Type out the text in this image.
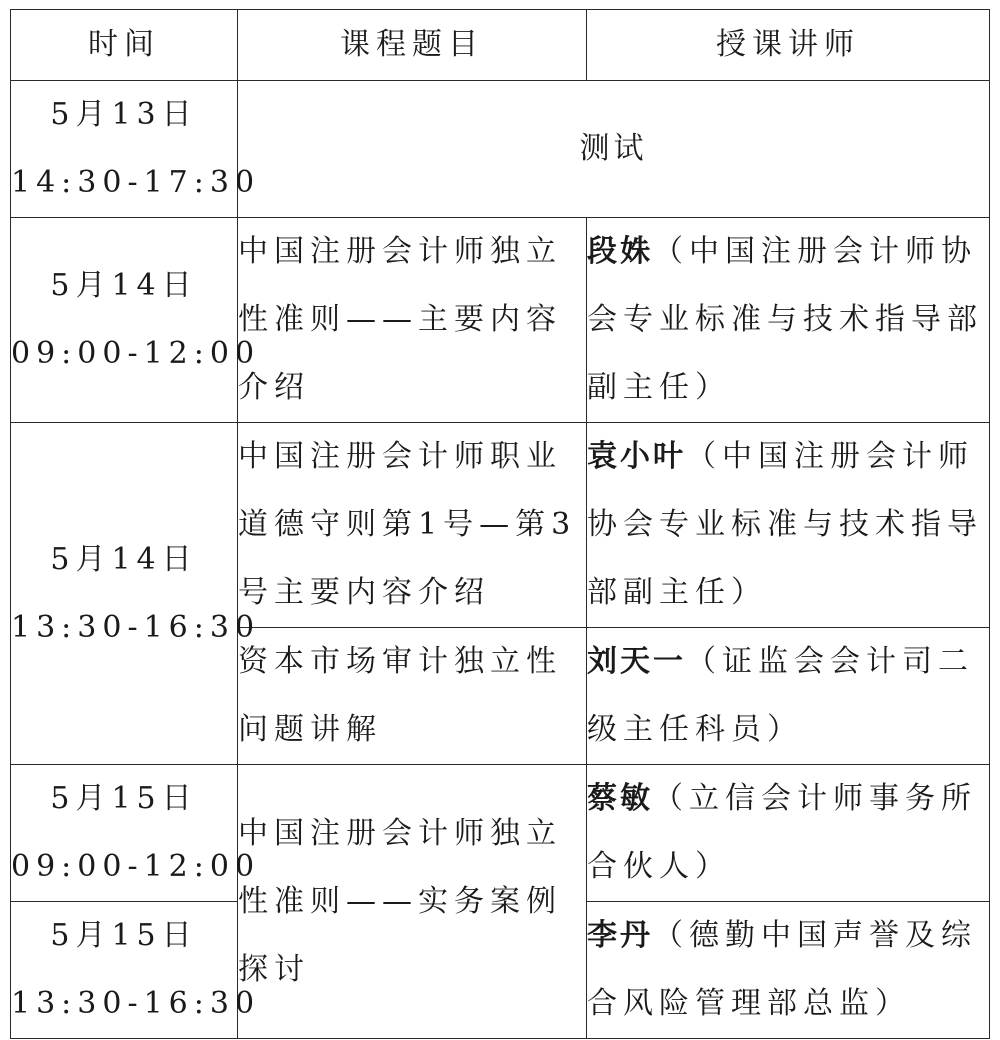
时间	课程题目	授课讲师

5月13日
14:30-17:30	测试	

5月14日
09:00-12:00	中国注册会计师独立性准则——主要内容介绍	段姝（中国注册会计师协会专业标准与技术指导部副主任）

5月14日
13:30-16:30	中国注册会计师职业道德守则第1号—第3号主要内容介绍	袁小叶（中国注册会计师协会专业标准与技术指导部副主任）
	资本市场审计独立性问题讲解	刘天一（证监会会计司二级主任科员）

5月15日
09:00-12:00	中国注册会计师独立性准则——实务案例探讨	蔡敏（立信会计师事务所合伙人）

5月15日
13:30-16:30		李丹（德勤中国声誉及综合风险管理部总监）
